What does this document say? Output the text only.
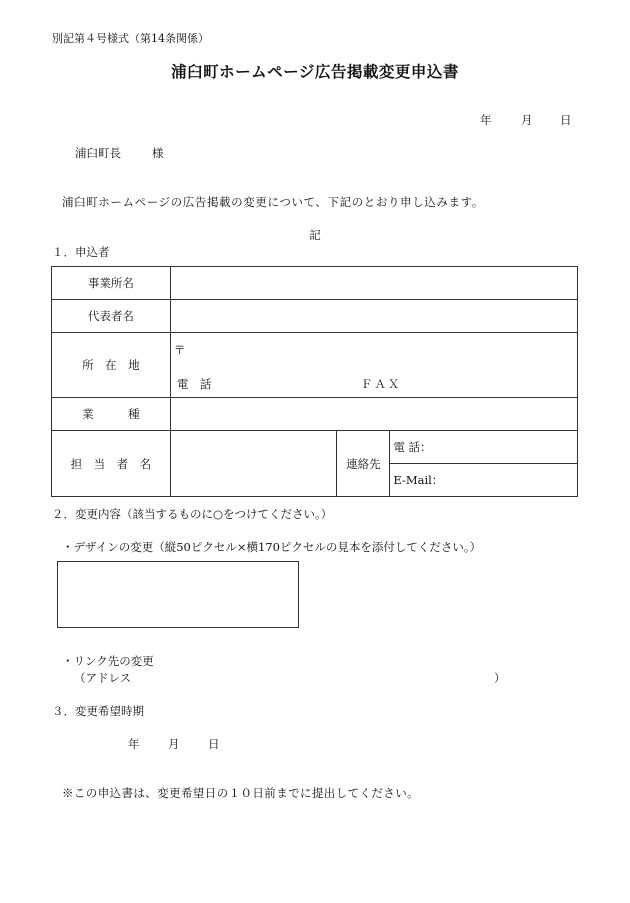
別記第４号様式（第14条関係）
浦臼町ホームページ広告掲載変更申込書
年	月 日
浦臼町長	様
浦臼町ホームページの広告掲載の変更について、下記のとおり申し込みます。
記
１．申込者
事業所名			
代表者名			
所　在　地	〒
電　話 ＦＡＸ		

業　　　種			
担　当　者　名		連絡先	電 話：
			E-Mail：
２．変更内容（該当するものに○をつけてください。）
・デザインの変更（縦50ピクセル×横170ピクセルの見本を添付してください。）
・リンク先の変更
（アドレス	）
３．変更希望時期
年 月 日
※この申込書は、変更希望日の１０日前までに提出してください。
